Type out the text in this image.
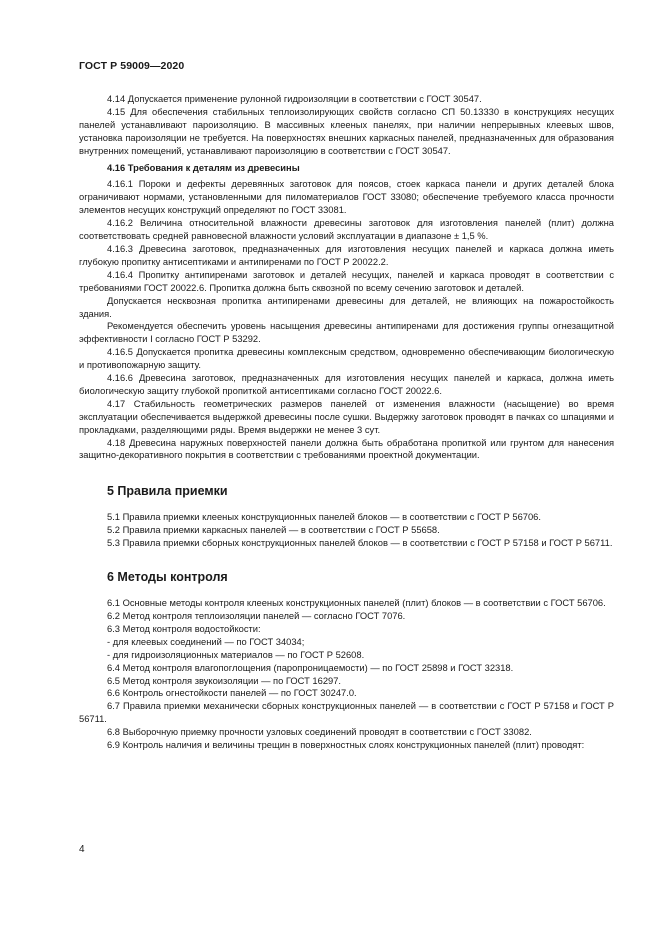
ГОСТ Р 59009—2020

4.14 Допускается применение рулонной гидроизоляции в соответствии с ГОСТ 30547.

4.15 Для обеспечения стабильных теплоизолирующих свойств согласно СП 50.13330 в конструкциях несущих панелей устанавливают пароизоляцию. В массивных клееных панелях, при наличии непрерывных клеевых швов, установка пароизоляции не требуется. На поверхностях внешних каркасных панелей, предназначенных для образования внутренних помещений, устанавливают пароизоляцию в соответствии с ГОСТ 30547.

4.16 Требования к деталям из древесины

4.16.1 Пороки и дефекты деревянных заготовок для поясов, стоек каркаса панели и других деталей блока ограничивают нормами, установленными для пиломатериалов ГОСТ 33080; обеспечение требуемого класса прочности элементов несущих конструкций определяют по ГОСТ 33081.

4.16.2 Величина относительной влажности древесины заготовок для изготовления панелей (плит) должна соответствовать средней равновесной влажности условий эксплуатации в диапазоне ± 1,5 %.

4.16.3 Древесина заготовок, предназначенных для изготовления несущих панелей и каркаса должна иметь глубокую пропитку антисептиками и антипиренами по ГОСТ Р 20022.2.

4.16.4 Пропитку антипиренами заготовок и деталей несущих, панелей и каркаса проводят в соответствии с требованиями ГОСТ 20022.6. Пропитка должна быть сквозной по всему сечению заготовок и деталей.

Допускается несквозная пропитка антипиренами древесины для деталей, не влияющих на пожаростойкость здания.

Рекомендуется обеспечить уровень насыщения древесины антипиренами для достижения группы огнезащитной эффективности I согласно ГОСТ Р 53292.

4.16.5 Допускается пропитка древесины комплексным средством, одновременно обеспечивающим биологическую и противопожарную защиту.

4.16.6 Древесина заготовок, предназначенных для изготовления несущих панелей и каркаса, должна иметь биологическую защиту глубокой пропиткой антисептиками согласно ГОСТ 20022.6.

4.17 Стабильность геометрических размеров панелей от изменения влажности (насыщение) во время эксплуатации обеспечивается выдержкой древесины после сушки. Выдержку заготовок проводят в пачках со шпациями и прокладками, разделяющими ряды. Время выдержки не менее 3 сут.

4.18 Древесина наружных поверхностей панели должна быть обработана пропиткой или грунтом для нанесения защитно-декоративного покрытия в соответствии с требованиями проектной документации.

5 Правила приемки

5.1 Правила приемки клееных конструкционных панелей блоков — в соответствии с ГОСТ Р 56706.

5.2 Правила приемки каркасных панелей — в соответствии с ГОСТ Р 55658.

5.3 Правила приемки сборных конструкционных панелей блоков — в соответствии с ГОСТ Р 57158 и ГОСТ Р 56711.

6 Методы контроля

6.1 Основные методы контроля клееных конструкционных панелей (плит) блоков — в соответствии с ГОСТ 56706.

6.2 Метод контроля теплоизоляции панелей — согласно ГОСТ 7076.

6.3 Метод контроля водостойкости:

- для клеевых соединений — по ГОСТ 34034;

- для гидроизоляционных материалов — по ГОСТ Р 52608.

6.4 Метод контроля влагопоглощения (паропроницаемости) — по ГОСТ 25898 и ГОСТ 32318.

6.5 Метод контроля звукоизоляции — по ГОСТ 16297.

6.6 Контроль огнестойкости панелей — по ГОСТ 30247.0.

6.7 Правила приемки механически сборных конструкционных панелей — в соответствии с ГОСТ Р 57158 и ГОСТ Р 56711.

6.8 Выборочную приемку прочности узловых соединений проводят в соответствии с ГОСТ 33082.

6.9 Контроль наличия и величины трещин в поверхностных слоях конструкционных панелей (плит) проводят:

4
